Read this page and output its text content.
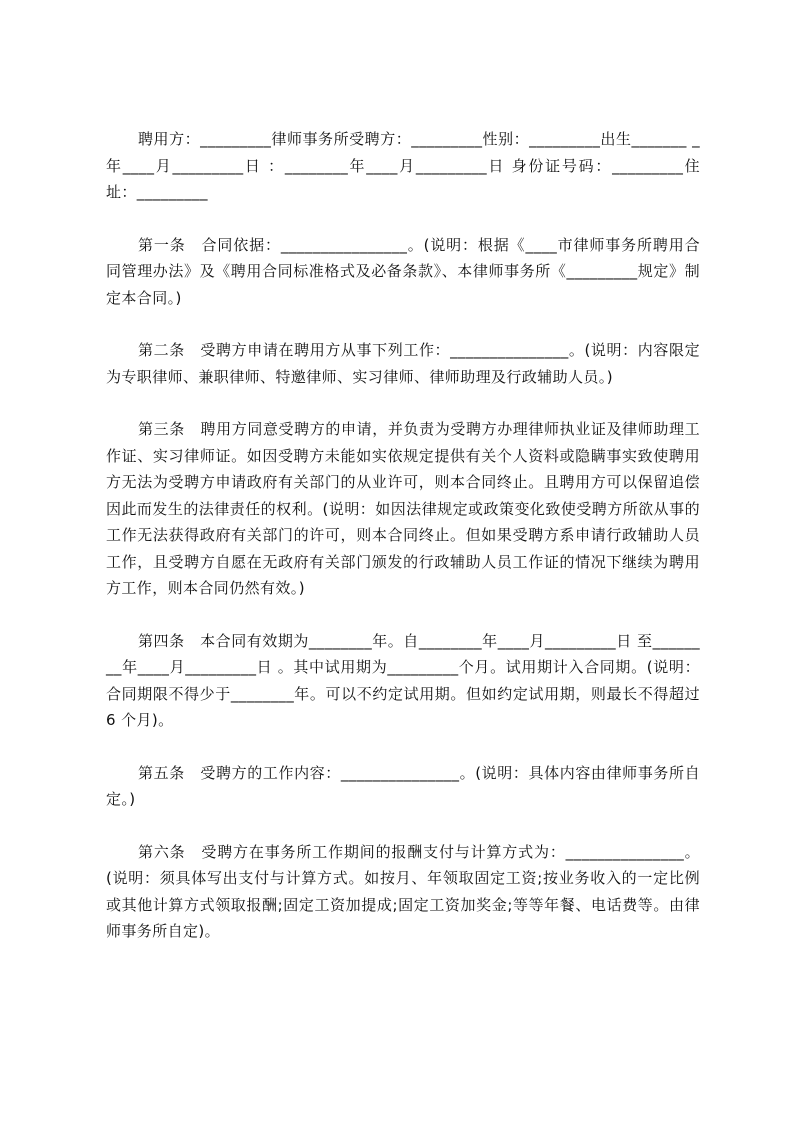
聘用方：_________律师事务所受聘方：_________性别：_________出生_______ _年____月_________日 ：________年____月_________日 身份证号码：_________住址：_________

第一条　合同依据：________________。(说明：根据《____市律师事务所聘用合同管理办法》及《聘用合同标准格式及必备条款》、本律师事务所《_________规定》制定本合同。)

第二条　受聘方申请在聘用方从事下列工作：_______________。(说明：内容限定为专职律师、兼职律师、特邀律师、实习律师、律师助理及行政辅助人员。)

第三条　聘用方同意受聘方的申请，并负责为受聘方办理律师执业证及律师助理工作证、实习律师证。如因受聘方未能如实依规定提供有关个人资料或隐瞒事实致使聘用方无法为受聘方申请政府有关部门的从业许可，则本合同终止。且聘用方可以保留追偿因此而发生的法律责任的权利。(说明：如因法律规定或政策变化致使受聘方所欲从事的工作无法获得政府有关部门的许可，则本合同终止。但如果受聘方系申请行政辅助人员工作，且受聘方自愿在无政府有关部门颁发的行政辅助人员工作证的情况下继续为聘用方工作，则本合同仍然有效。)

第四条　本合同有效期为________年。自________年____月_________日 至________年____月_________日 。其中试用期为_________个月。试用期计入合同期。(说明：合同期限不得少于________年。可以不约定试用期。但如约定试用期，则最长不得超过 6 个月)。

第五条　受聘方的工作内容：_______________。(说明：具体内容由律师事务所自定。)

第六条　受聘方在事务所工作期间的报酬支付与计算方式为：_______________。(说明：须具体写出支付与计算方式。如按月、年领取固定工资;按业务收入的一定比例或其他计算方式领取报酬;固定工资加提成;固定工资加奖金;等等年餐、电话费等。由律师事务所自定)。
